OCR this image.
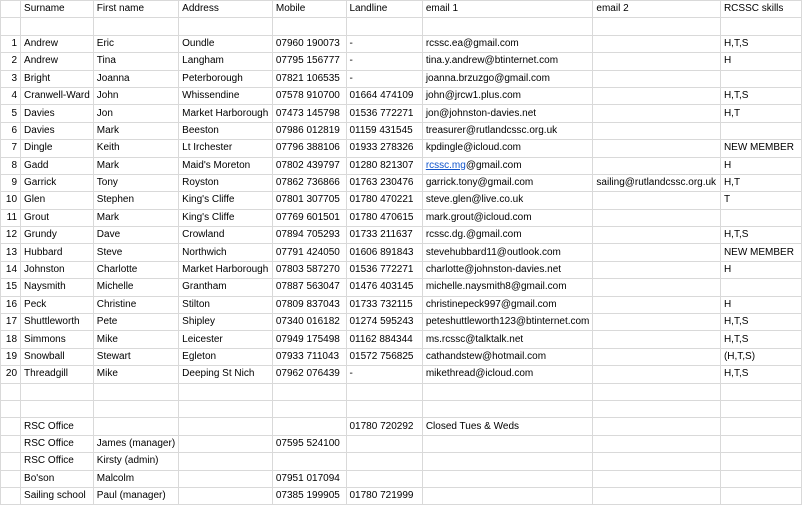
	Surname	First name	Address	Mobile	Landline	email 1	email 2	RCSSC skills

1	Andrew	Eric	Oundle	07960 190073	-	rcssc.ea@gmail.com		H,T,S
2	Andrew	Tina	Langham	07795 156777	-	tina.y.andrew@btinternet.com		H
3	Bright	Joanna	Peterborough	07821 106535	-	joanna.brzuzgo@gmail.com		
4	Cranwell-Ward	John	Whissendine	07578 910700	01664 474109	john@jrcw1.plus.com		H,T,S
5	Davies	Jon	Market Harborough	07473 145798	01536 772271	jon@johnston-davies.net		H,T
6	Davies	Mark	Beeston	07986 012819	01159 431545	treasurer@rutlandcssc.org.uk		
7	Dingle	Keith	Lt Irchester	07796 388106	01933 278326	kpdingle@icloud.com		NEW MEMBER
8	Gadd	Mark	Maid's Moreton	07802 439797	01280 821307	rcssc.mg@gmail.com		H
9	Garrick	Tony	Royston	07862 736866	01763 230476	garrick.tony@gmail.com	sailing@rutlandcssc.org.uk	H,T
10	Glen	Stephen	King's Cliffe	07801 307705	01780 470221	steve.glen@live.co.uk		T
11	Grout	Mark	King's Cliffe	07769 601501	01780 470615	mark.grout@icloud.com		
12	Grundy	Dave	Crowland	07894 705293	01733 211637	rcssc.dg.@gmail.com		H,T,S
13	Hubbard	Steve	Northwich	07791 424050	01606 891843	stevehubbard11@outlook.com		NEW MEMBER
14	Johnston	Charlotte	Market Harborough	07803 587270	01536 772271	charlotte@johnston-davies.net		H
15	Naysmith	Michelle	Grantham	07887 563047	01476 403145	michelle.naysmith8@gmail.com		
16	Peck	Christine	Stilton	07809 837043	01733 732115	christinepeck997@gmail.com		H
17	Shuttleworth	Pete	Shipley	07340 016182	01274 595243	peteshuttleworth123@btinternet.com		H,T,S
18	Simmons	Mike	Leicester	07949 175498	01162 884344	ms.rcssc@talktalk.net		H,T,S
19	Snowball	Stewart	Egleton	07933 711043	01572 756825	cathandstew@hotmail.com		(H,T,S)
20	Threadgill	Mike	Deeping St Nich	07962 076439	-	mikethread@icloud.com		H,T,S

	RSC Office				01780 720292	Closed Tues & Weds		
	RSC Office	James (manager)		07595 524100				
	RSC Office	Kirsty (admin)						
	Bo'son	Malcolm		07951 017094				
	Sailing school	Paul (manager)		07385 199905	01780 721999			
